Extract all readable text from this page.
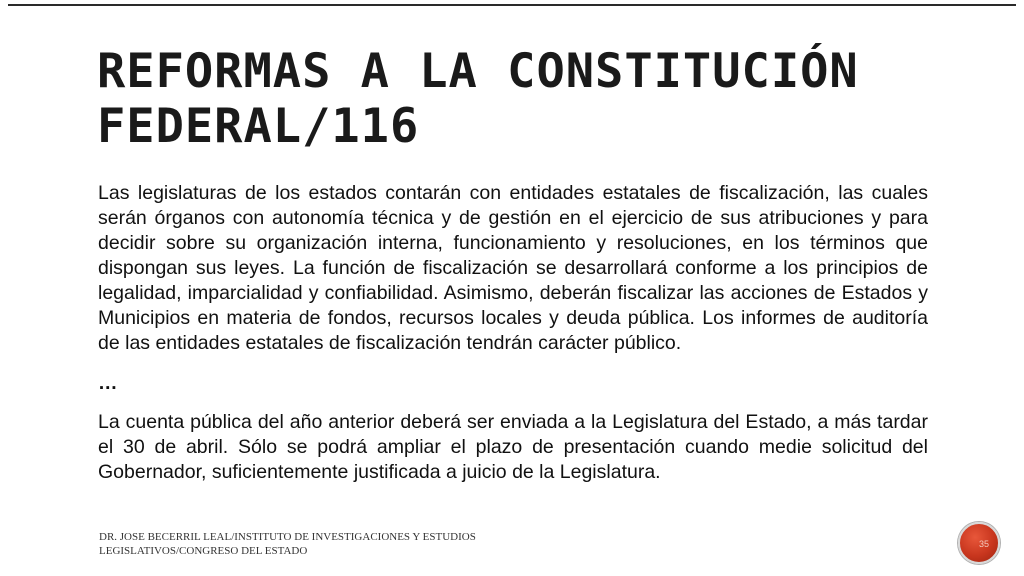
REFORMAS A LA CONSTITUCIÓN
FEDERAL/116

Las legislaturas de los estados contarán con entidades estatales de fiscalización, las cuales serán órganos con autonomía técnica y de gestión en el ejercicio de sus atribuciones y para decidir sobre su organización interna, funcionamiento y resoluciones, en los términos que dispongan sus leyes. La función de fiscalización se desarrollará conforme a los principios de legalidad, imparcialidad y confiabilidad. Asimismo, deberán fiscalizar las acciones de Estados y Municipios en materia de fondos, recursos locales y deuda pública. Los informes de auditoría de las entidades estatales de fiscalización tendrán carácter público.

…

La cuenta pública del año anterior deberá ser enviada a la Legislatura del Estado, a más tardar el 30 de abril. Sólo se podrá ampliar el plazo de presentación cuando medie solicitud del Gobernador, suficientemente justificada a juicio de la Legislatura.

DR. JOSE BECERRIL LEAL/INSTITUTO DE INVESTIGACIONES Y ESTUDIOS
LEGISLATIVOS/CONGRESO DEL ESTADO
35
